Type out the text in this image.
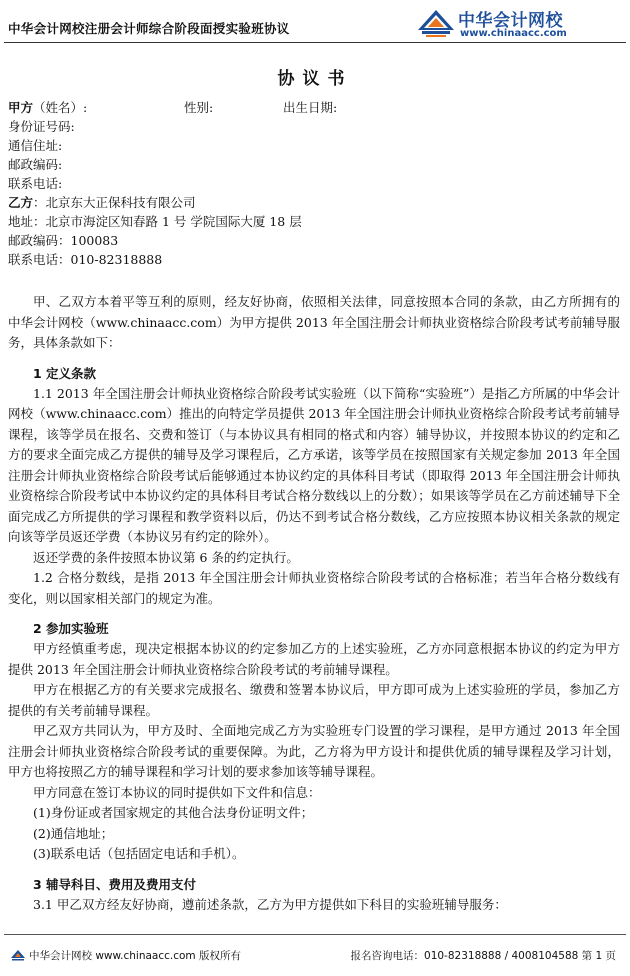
中华会计网校注册会计师综合阶段面授实验班协议	中华会计网校
www.chinaacc.com
协议书
甲方（姓名）:	性别:	出生日期:
身份证号码:
通信住址:
邮政编码:
联系电话:
乙方：北京东大正保科技有限公司
地址：北京市海淀区知春路 1 号 学院国际大厦 18 层
邮政编码：100083
联系电话：010-82318888

甲、乙双方本着平等互利的原则，经友好协商，依照相关法律，同意按照本合同的条款，由乙方所拥有的中华会计网校（www.chinaacc.com）为甲方提供 2013 年全国注册会计师执业资格综合阶段考试考前辅导服务，具体条款如下：

1 定义条款

1.1 2013 年全国注册会计师执业资格综合阶段考试实验班（以下简称“实验班”）是指乙方所属的中华会计网校（www.chinaacc.com）推出的向特定学员提供 2013 年全国注册会计师执业资格综合阶段考试考前辅导课程，该等学员在报名、交费和签订（与本协议具有相同的格式和内容）辅导协议，并按照本协议的约定和乙方的要求全面完成乙方提供的辅导及学习课程后，乙方承诺，该等学员在按照国家有关规定参加 2013 年全国注册会计师执业资格综合阶段考试后能够通过本协议约定的具体科目考试（即取得 2013 年全国注册会计师执业资格综合阶段考试中本协议约定的具体科目考试合格分数线以上的分数）；如果该等学员在乙方前述辅导下全面完成乙方所提供的学习课程和教学资料以后，仍达不到考试合格分数线，乙方应按照本协议相关条款的规定向该等学员返还学费（本协议另有约定的除外）。

返还学费的条件按照本协议第 6 条的约定执行。

1.2 合格分数线，是指 2013 年全国注册会计师执业资格综合阶段考试的合格标准；若当年合格分数线有变化，则以国家相关部门的规定为准。

2 参加实验班

甲方经慎重考虑，现决定根据本协议的约定参加乙方的上述实验班，乙方亦同意根据本协议的约定为甲方提供 2013 年全国注册会计师执业资格综合阶段考试的考前辅导课程。

甲方在根据乙方的有关要求完成报名、缴费和签署本协议后，甲方即可成为上述实验班的学员，参加乙方提供的有关考前辅导课程。

甲乙双方共同认为，甲方及时、全面地完成乙方为实验班专门设置的学习课程，是甲方通过 2013 年全国注册会计师执业资格综合阶段考试的重要保障。为此，乙方将为甲方设计和提供优质的辅导课程及学习计划，甲方也将按照乙方的辅导课程和学习计划的要求参加该等辅导课程。

甲方同意在签订本协议的同时提供如下文件和信息：

(1)身份证或者国家规定的其他合法身份证明文件；

(2)通信地址；

(3)联系电话（包括固定电话和手机）。

3 辅导科目、费用及费用支付

3.1 甲乙双方经友好协商，遵前述条款，乙方为甲方提供如下科目的实验班辅导服务：

中华会计网校 www.chinaacc.com 版权所有	报名咨询电话：010-82318888 / 4008104588 第 1 页
